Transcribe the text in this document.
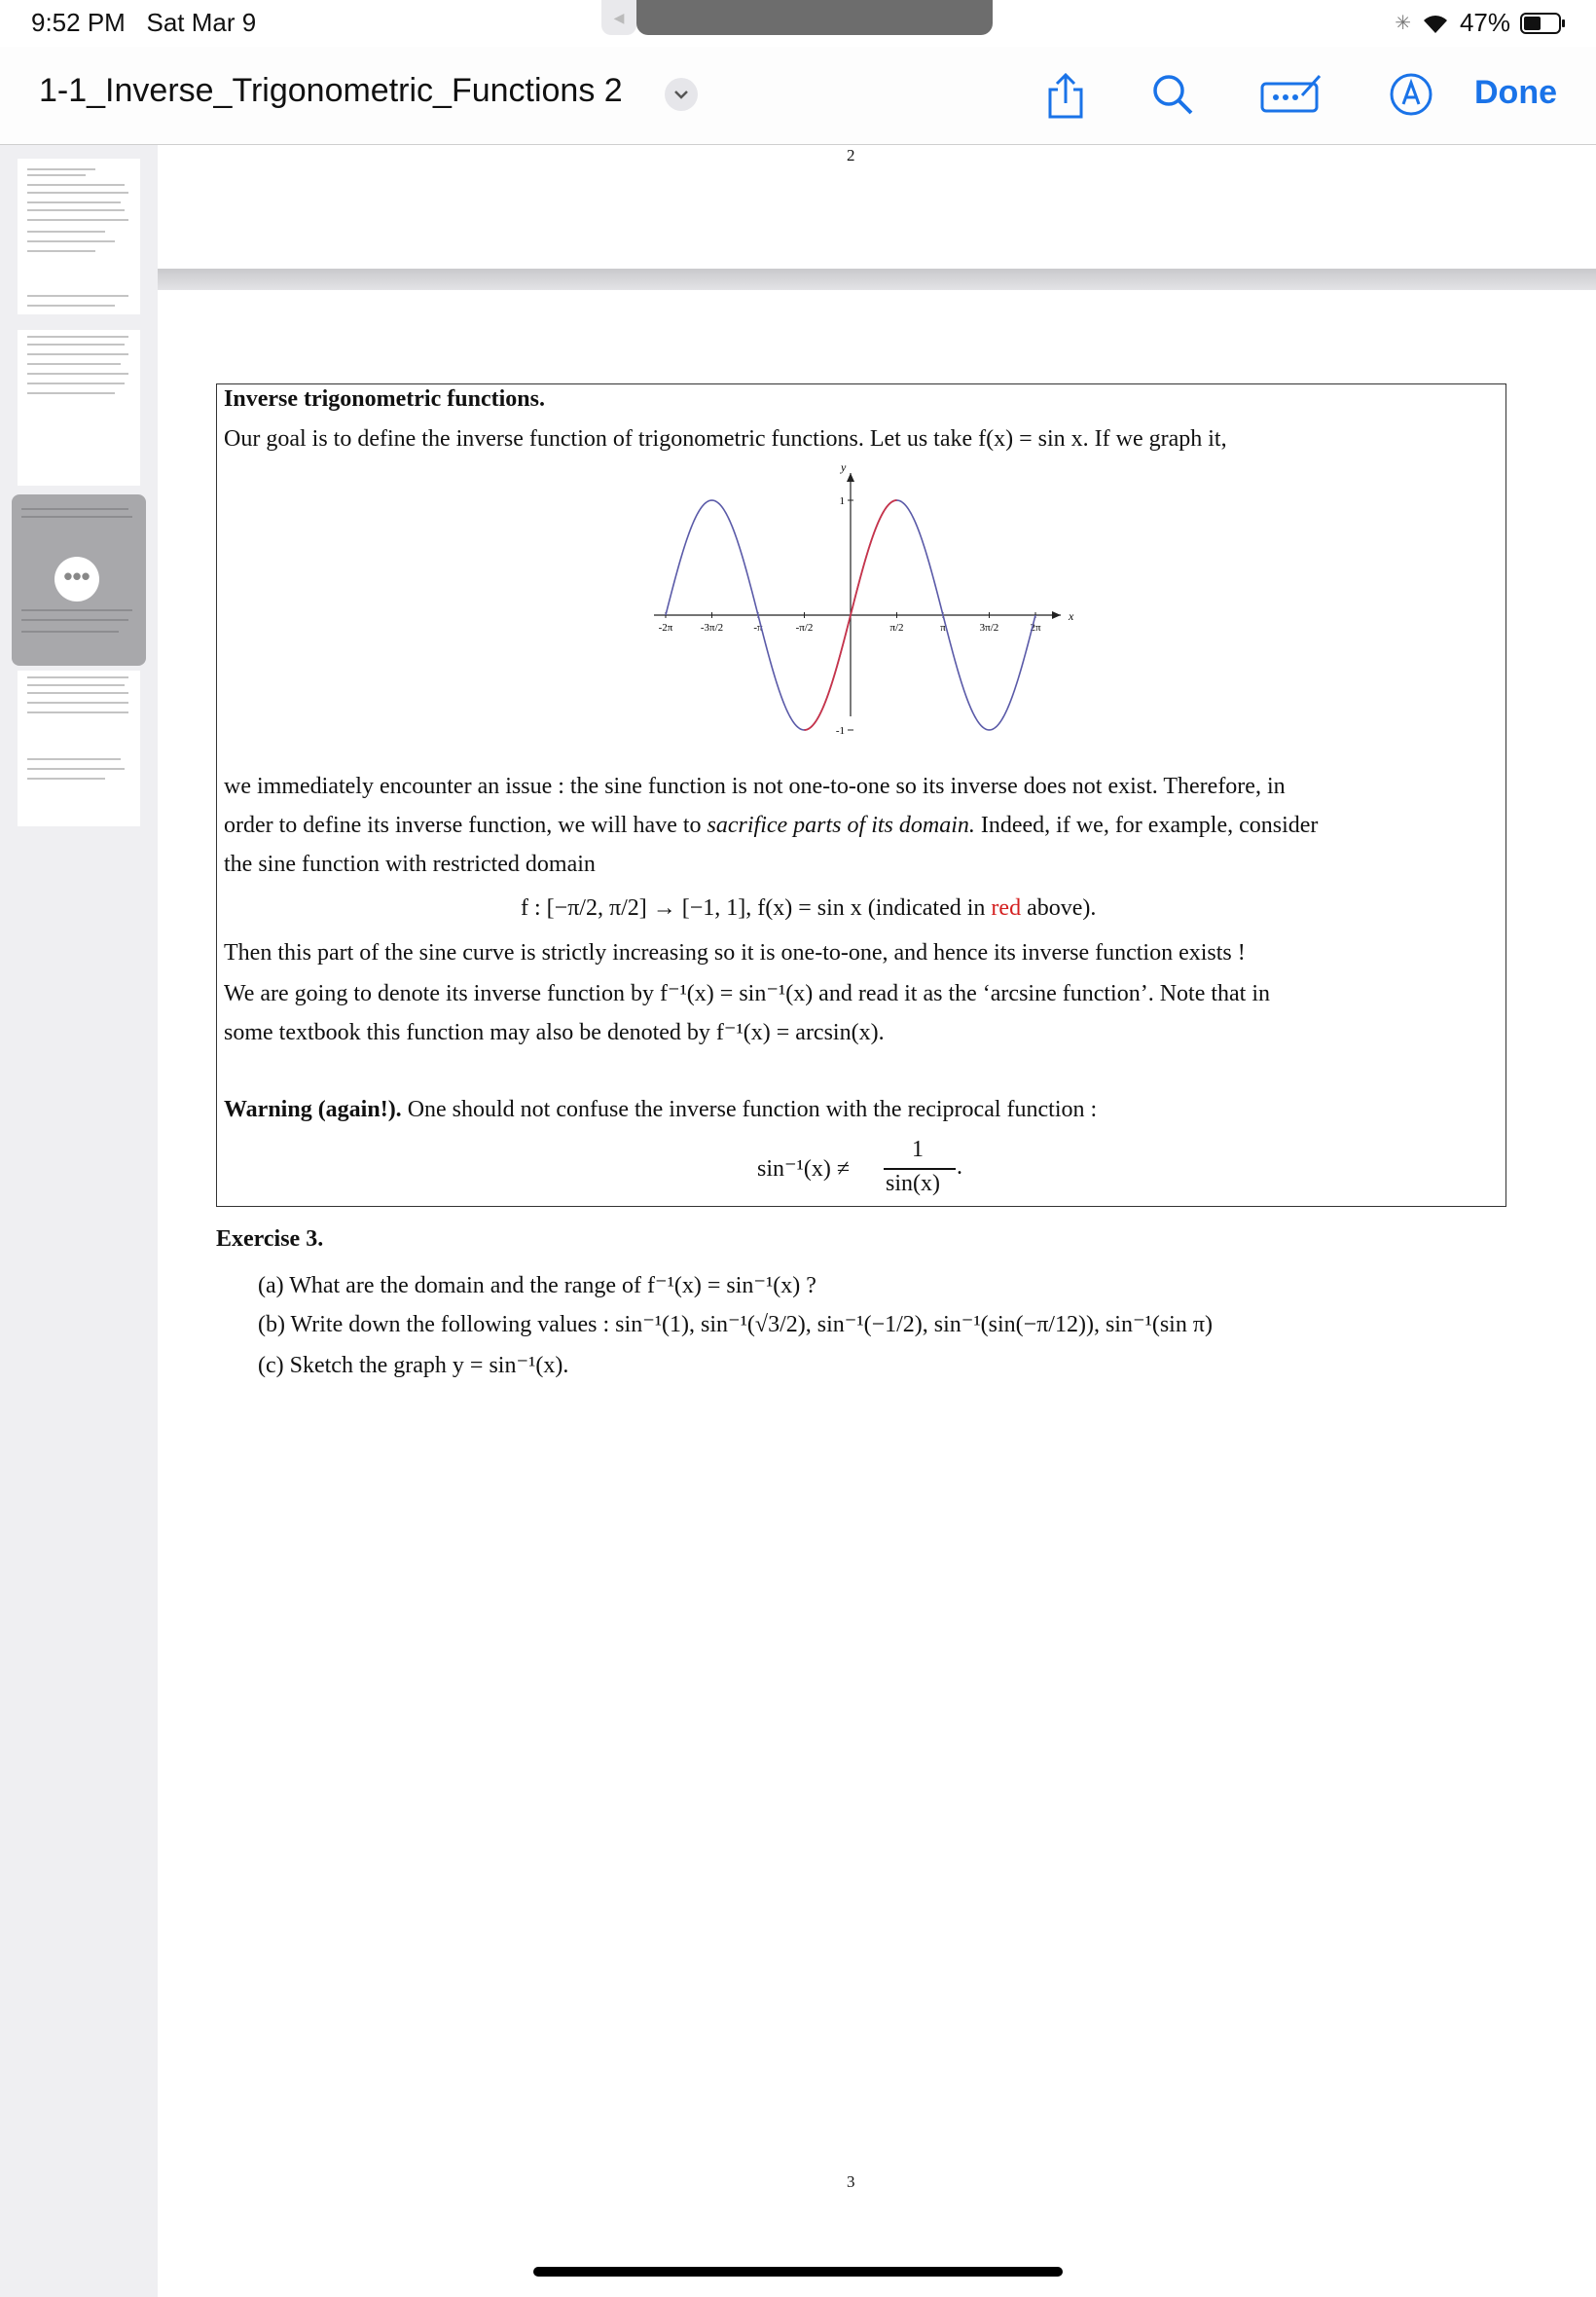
9:52 PM Sat Mar 9	◀	✳ 47%
1-1_Inverse_Trigonometric_Functions 2	Done
•••
2
Inverse trigonometric functions.
Our goal is to define the inverse function of trigonometric functions. Let us take f(x) = sin x. If we graph it,
x
y
-2π	-3π/2	-π	-π/2	π/2	π	3π/2	2π
1
-1
we immediately encounter an issue : the sine function is not one-to-one so its inverse does not exist. Therefore, in
order to define its inverse function, we will have to sacrifice parts of its domain. Indeed, if we, for example, consider
the sine function with restricted domain
f : [−π/2, π/2] → [−1, 1], f(x) = sin x (indicated in red above).
Then this part of the sine curve is strictly increasing so it is one-to-one, and hence its inverse function exists !
We are going to denote its inverse function by f⁻¹(x) = sin⁻¹(x) and read it as the ‘arcsine function’. Note that in
some textbook this function may also be denoted by f⁻¹(x) = arcsin(x).
Warning (again!). One should not confuse the inverse function with the reciprocal function :
sin⁻¹(x) ≠
1
sin(x)
.
Exercise 3.
(a) What are the domain and the range of f⁻¹(x) = sin⁻¹(x) ?
(b) Write down the following values : sin⁻¹(1), sin⁻¹(√3/2), sin⁻¹(−1/2), sin⁻¹(sin(−π/12)), sin⁻¹(sin π)
(c) Sketch the graph y = sin⁻¹(x).
3
